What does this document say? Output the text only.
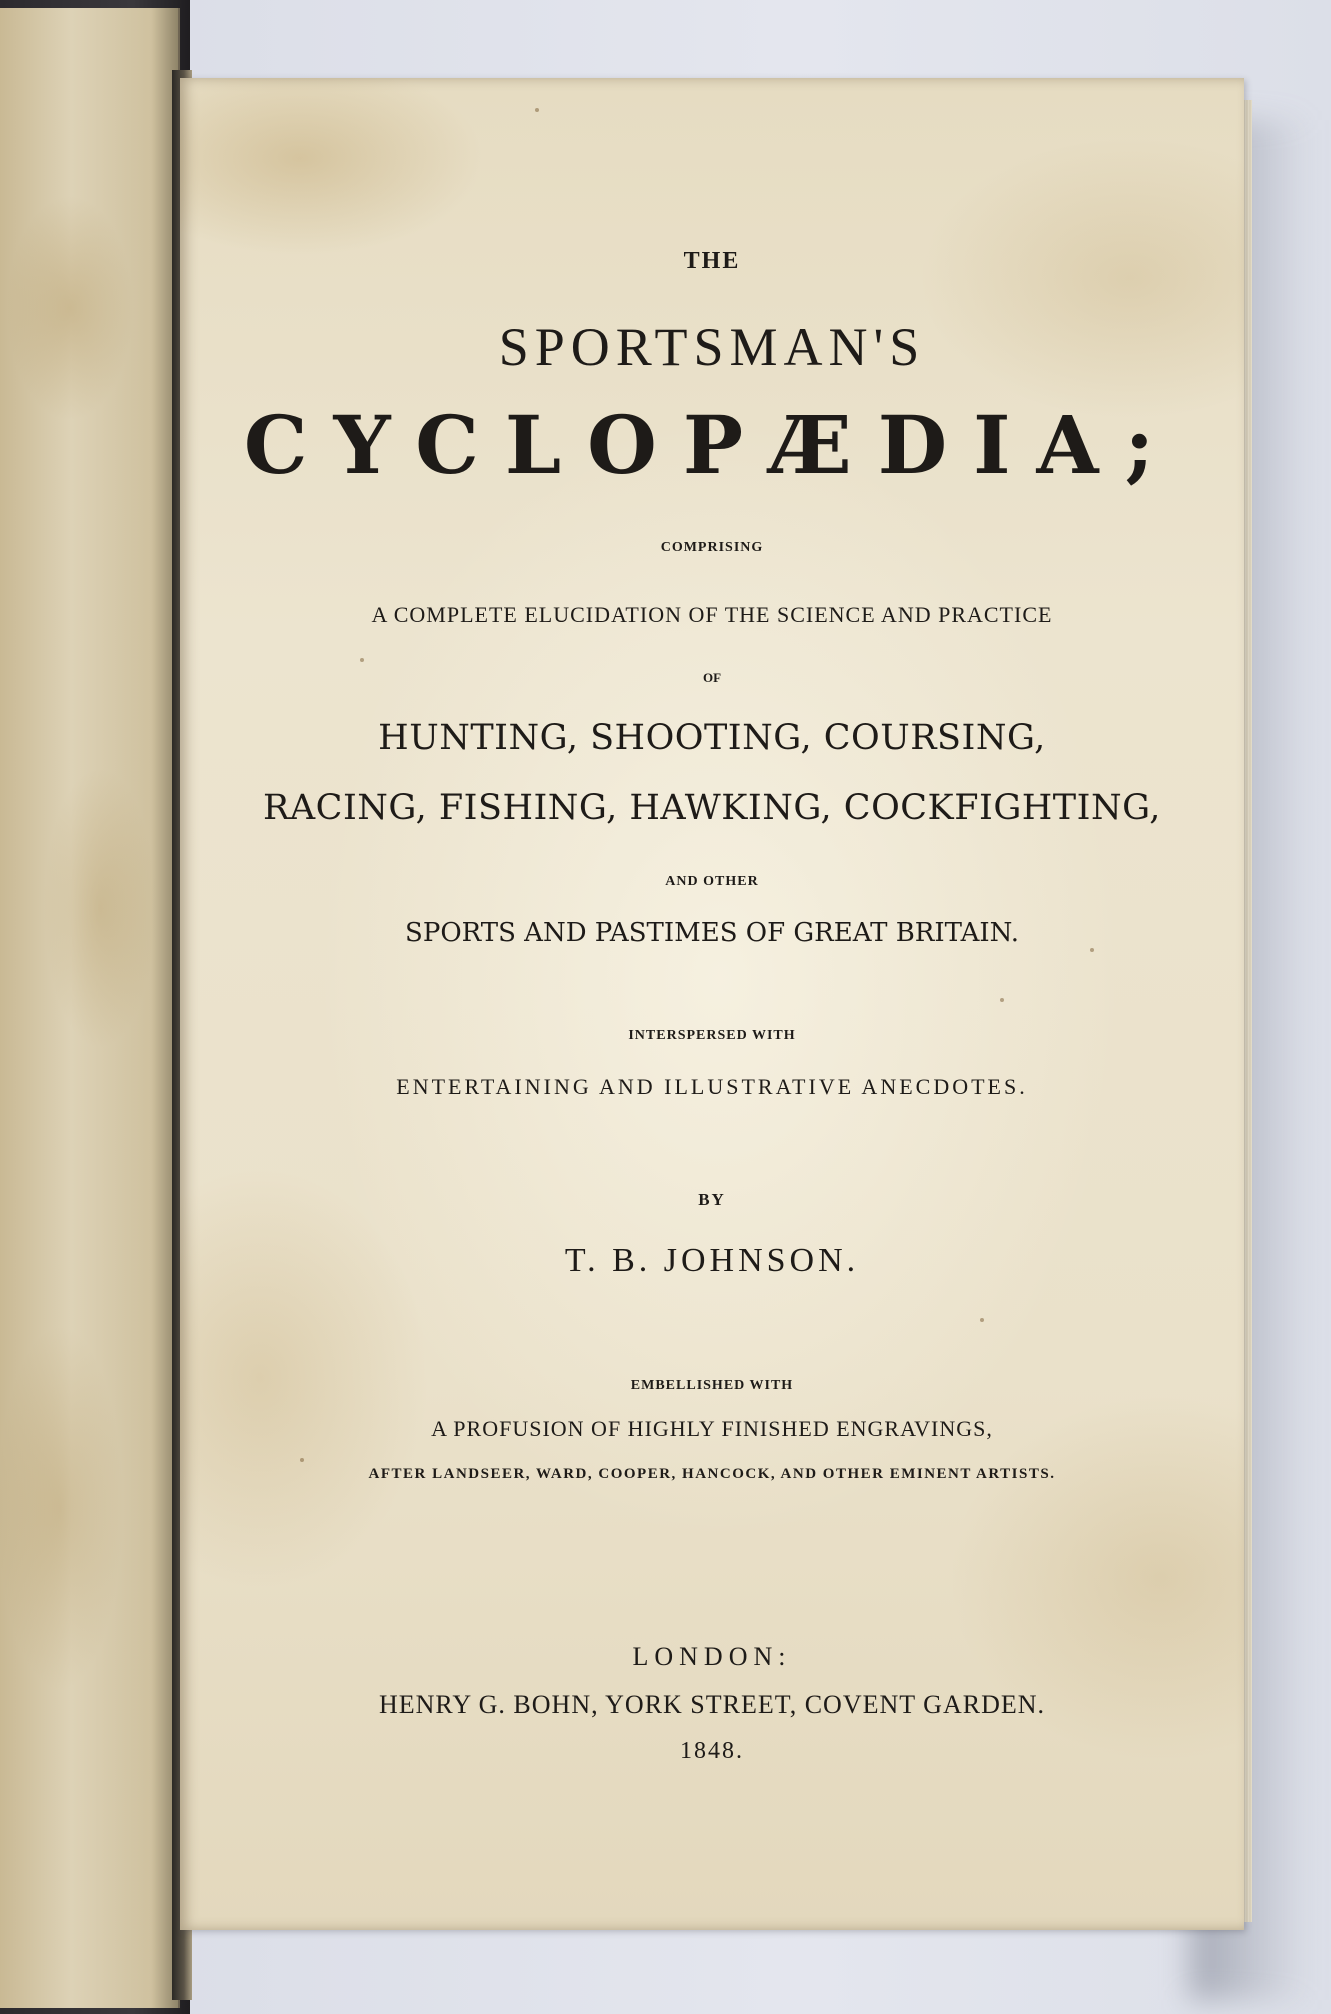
THE
SPORTSMAN'S
CYCLOPÆDIA;
COMPRISING
A COMPLETE ELUCIDATION OF THE SCIENCE AND PRACTICE
OF
HUNTING, SHOOTING, COURSING,
RACING, FISHING, HAWKING, COCKFIGHTING,
AND OTHER
SPORTS AND PASTIMES OF GREAT BRITAIN.
INTERSPERSED WITH
ENTERTAINING AND ILLUSTRATIVE ANECDOTES.
BY
T. B. JOHNSON.
EMBELLISHED WITH
A PROFUSION OF HIGHLY FINISHED ENGRAVINGS,
AFTER LANDSEER, WARD, COOPER, HANCOCK, AND OTHER EMINENT ARTISTS.
LONDON:
HENRY G. BOHN, YORK STREET, COVENT GARDEN.
1848.
